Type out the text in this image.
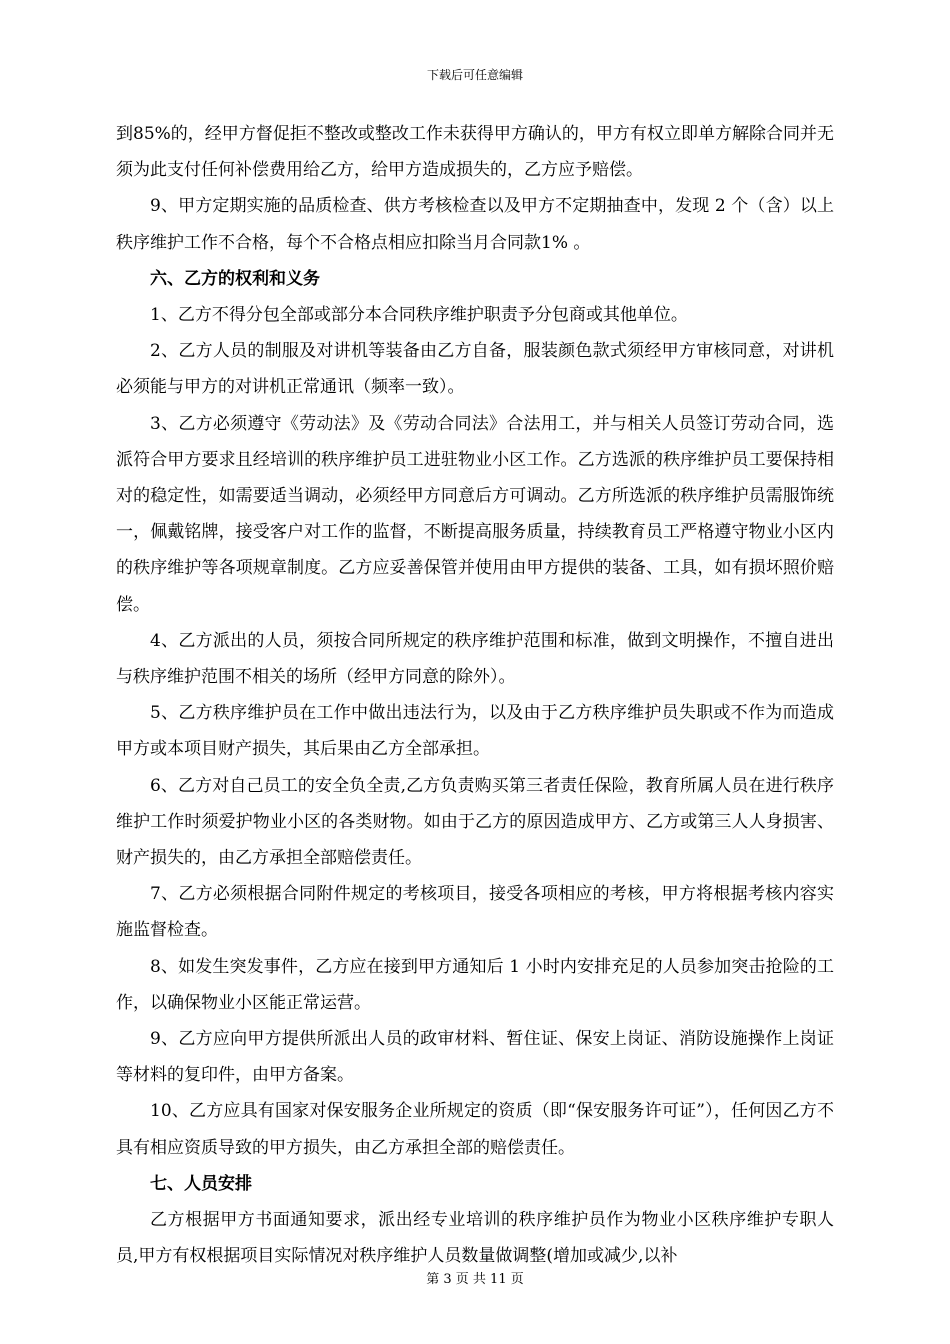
下载后可任意编辑

到85%的，经甲方督促拒不整改或整改工作未获得甲方确认的，甲方有权立即单方解除合同并无须为此支付任何补偿费用给乙方，给甲方造成损失的，乙方应予赔偿。

9、甲方定期实施的品质检查、供方考核检查以及甲方不定期抽查中，发现 2 个（含）以上秩序维护工作不合格，每个不合格点相应扣除当月合同款1% 。

六、乙方的权利和义务

1、乙方不得分包全部或部分本合同秩序维护职责予分包商或其他单位。

2、乙方人员的制服及对讲机等装备由乙方自备，服装颜色款式须经甲方审核同意，对讲机必须能与甲方的对讲机正常通讯（频率一致）。

3、乙方必须遵守《劳动法》及《劳动合同法》合法用工，并与相关人员签订劳动合同，选派符合甲方要求且经培训的秩序维护员工进驻物业小区工作。乙方选派的秩序维护员工要保持相对的稳定性，如需要适当调动，必须经甲方同意后方可调动。乙方所选派的秩序维护员需服饰统一，佩戴铭牌，接受客户对工作的监督，不断提高服务质量，持续教育员工严格遵守物业小区内的秩序维护等各项规章制度。乙方应妥善保管并使用由甲方提供的装备、工具，如有损坏照价赔偿。

4、乙方派出的人员，须按合同所规定的秩序维护范围和标准，做到文明操作，不擅自进出与秩序维护范围不相关的场所（经甲方同意的除外）。

5、乙方秩序维护员在工作中做出违法行为，以及由于乙方秩序维护员失职或不作为而造成甲方或本项目财产损失，其后果由乙方全部承担。

6、乙方对自己员工的安全负全责,乙方负责购买第三者责任保险，教育所属人员在进行秩序维护工作时须爱护物业小区的各类财物。如由于乙方的原因造成甲方、乙方或第三人人身损害、财产损失的，由乙方承担全部赔偿责任。

7、乙方必须根据合同附件规定的考核项目，接受各项相应的考核，甲方将根据考核内容实施监督检查。

8、如发生突发事件，乙方应在接到甲方通知后 1 小时内安排充足的人员参加突击抢险的工作，以确保物业小区能正常运营。

9、乙方应向甲方提供所派出人员的政审材料、暂住证、保安上岗证、消防设施操作上岗证等材料的复印件，由甲方备案。

10、乙方应具有国家对保安服务企业所规定的资质（即“保安服务许可证”），任何因乙方不具有相应资质导致的甲方损失，由乙方承担全部的赔偿责任。

七、人员安排

乙方根据甲方书面通知要求，派出经专业培训的秩序维护员作为物业小区秩序维护专职人员,甲方有权根据项目实际情况对秩序维护人员数量做调整(增加或减少,以补

第 3 页 共 11 页
